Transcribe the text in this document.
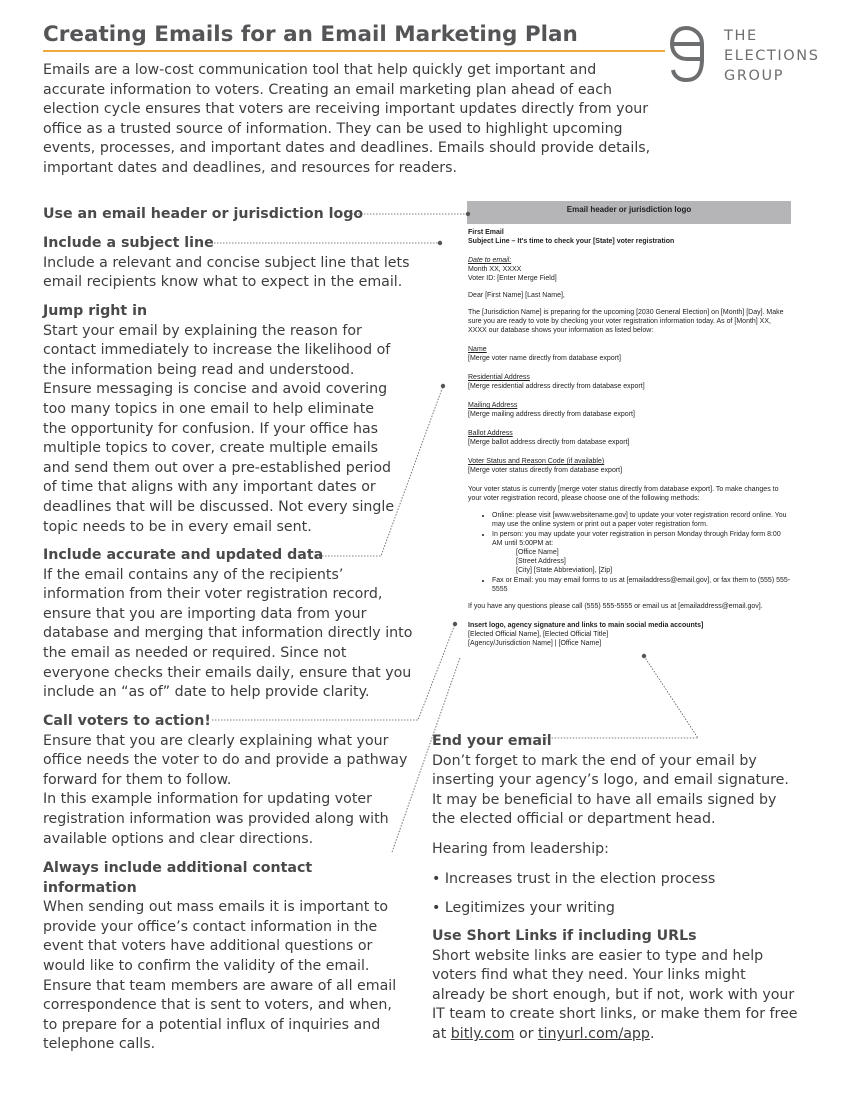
Creating Emails for an Email Marketing Plan	THE
ELECTIONS
GROUP
Emails are a low-cost communication tool that help quickly get important and accurate information to voters. Creating an email marketing plan ahead of each election cycle ensures that voters are receiving important updates directly from your office as a trusted source of information. They can be used to highlight upcoming events, processes, and important dates and deadlines. Emails should provide details, important dates and deadlines, and resources for readers.

Use an email header or jurisdiction logo

Include a subject line

Include a relevant and concise subject line that lets email recipients know what to expect in the email.

Jump right in

Start your email by explaining the reason for contact immediately to increase the likelihood of the information being read and understood. Ensure messaging is concise and avoid covering too many topics in one email to help eliminate the opportunity for confusion. If your office has multiple topics to cover, create multiple emails and send them out over a pre-established period of time that aligns with any important dates or deadlines that will be discussed. Not every single topic needs to be in every email sent.

Include accurate and updated data

If the email contains any of the recipients’ information from their voter registration record, ensure that you are importing data from your database and merging that information directly into the email as needed or required. Since not everyone checks their emails daily, ensure that you include an “as of” date to help provide clarity.

Call voters to action!

Ensure that you are clearly explaining what your office needs the voter to do and provide a pathway forward for them to follow.

In this example information for updating voter registration information was provided along with available options and clear directions.

Always include additional contact information

When sending out mass emails it is important to provide your office’s contact information in the event that voters have additional questions or would like to confirm the validity of the email. Ensure that team members are aware of all email correspondence that is sent to voters, and when, to prepare for a potential influx of inquiries and telephone calls.

End your email

Don’t forget to mark the end of your email by inserting your agency’s logo, and email signature. It may be beneficial to have all emails signed by the elected official or department head.

Hearing from leadership:

• Increases trust in the election process

• Legitimizes your writing

Use Short Links if including URLs

Short website links are easier to type and help voters find what they need. Your links might already be short enough, but if not, work with your IT team to create short links, or make them for free at bitly.com or tinyurl.com/app.

Email header or jurisdiction logo

First Email

Subject Line – It's time to check your [State] voter registration

Date to email:

Month XX, XXXX

Voter ID: [Enter Merge Field]

Dear [First Name] [Last Name],

The [Jurisdiction Name] is preparing for the upcoming [2030 General Election] on [Month] [Day]. Make sure you are ready to vote by checking your voter registration information today. As of [Month] XX, XXXX our database shows your information as listed below:

Name

[Merge voter name directly from database export]

Residential Address

[Merge residential address directly from database export]

Mailing Address

[Merge mailing address directly from database export]

Ballot Address

[Merge ballot address directly from database export]

Voter Status and Reason Code (if available)

[Merge voter status directly from database export]

Your voter status is currently [merge voter status directly from database export]. To make changes to your voter registration record, please choose one of the following methods:

• Online: please visit [www.websitename.gov] to update your voter registration record online. You may use the online system or print out a paper voter registration form.
• In person: you may update your voter registration in person Monday through Friday form 8:00 AM until 5:00PM at:
[Office Name]
[Street Address]
[City] [State Abbreviation], [Zip]
• Fax or Email: you may email forms to us at [emailaddress@email.gov], or fax them to (555) 555-5555

If you have any questions please call (555) 555-5555 or email us at [emailaddress@email.gov].

Insert logo, agency signature and links to main social media accounts]

[Elected Official Name], [Elected Official Title]

[Agency/Jurisdiction Name] | [Office Name]
